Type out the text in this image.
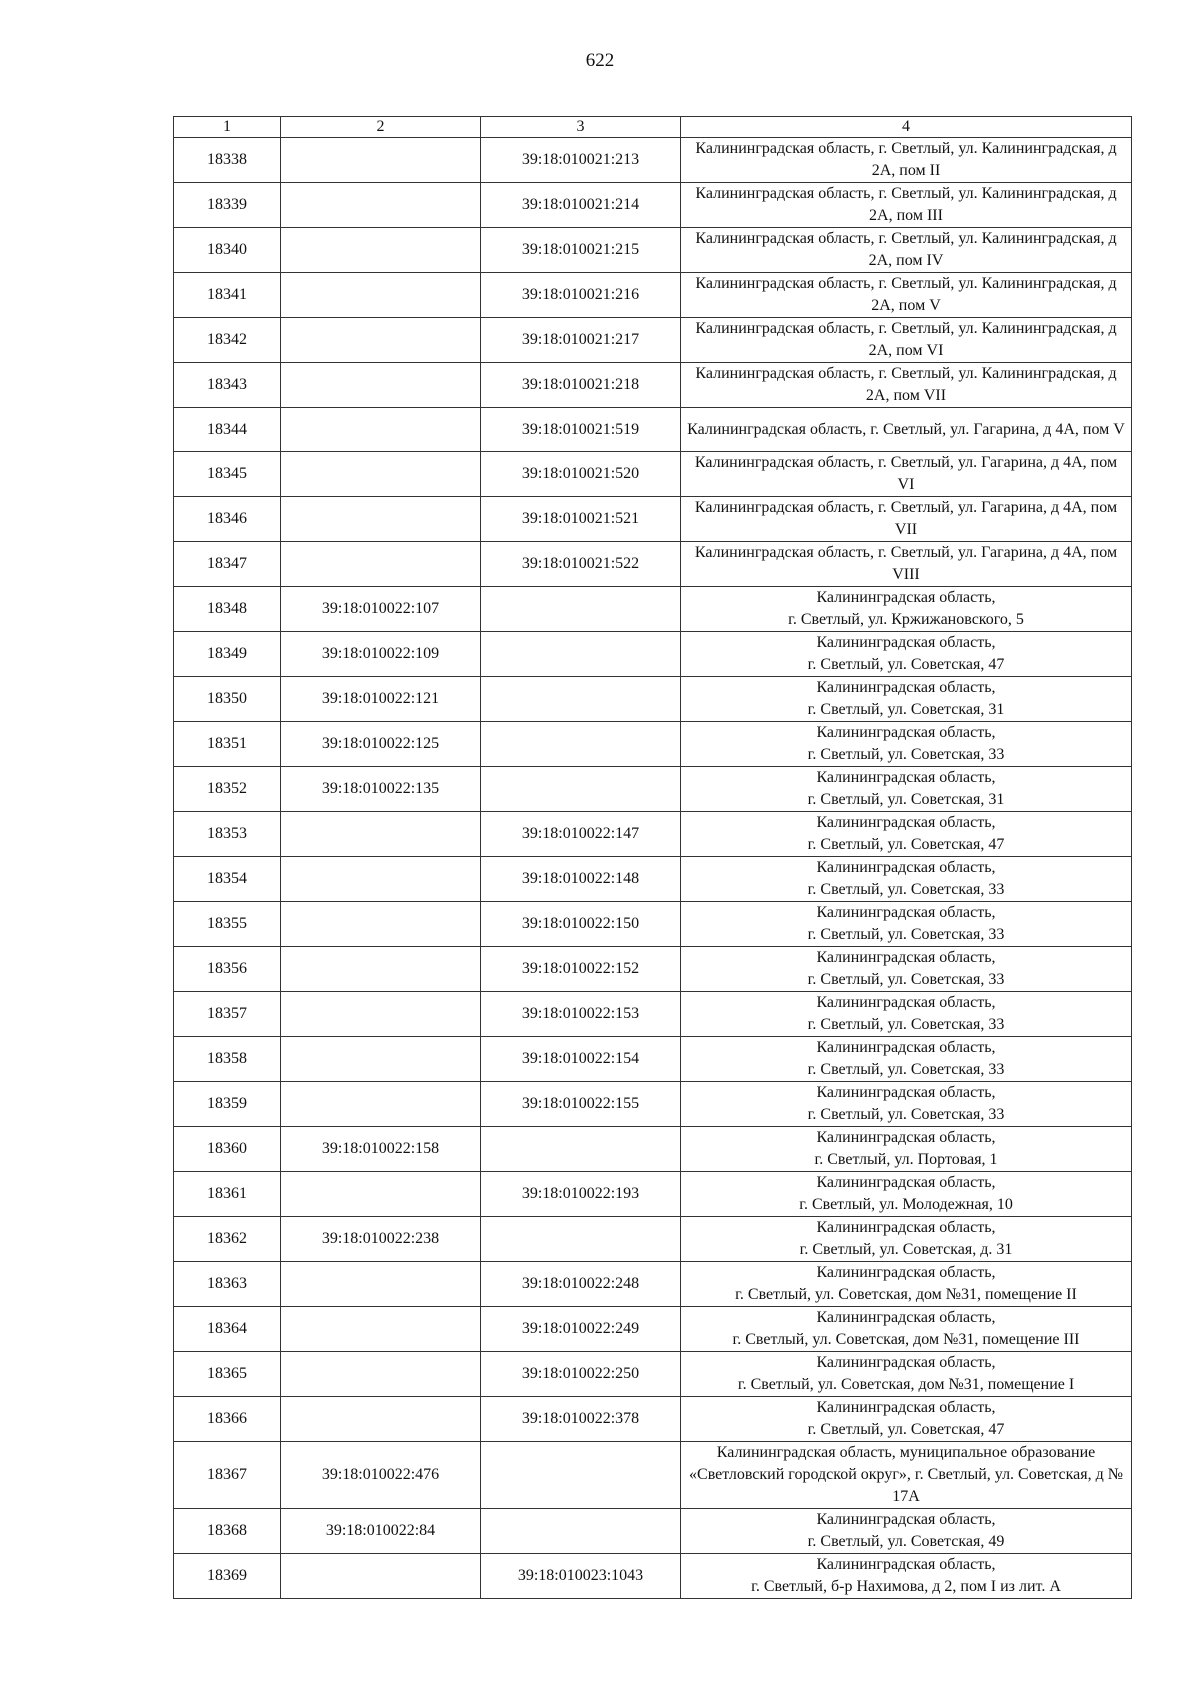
622
1	2	3	4
18338		39:18:010021:213	Калининградская область, г. Светлый, ул. Калининградская, д 2А, пом II
18339		39:18:010021:214	Калининградская область, г. Светлый, ул. Калининградская, д 2А, пом III
18340		39:18:010021:215	Калининградская область, г. Светлый, ул. Калининградская, д 2А, пом IV
18341		39:18:010021:216	Калининградская область, г. Светлый, ул. Калининградская, д 2А, пом V
18342		39:18:010021:217	Калининградская область, г. Светлый, ул. Калининградская, д 2А, пом VI
18343		39:18:010021:218	Калининградская область, г. Светлый, ул. Калининградская, д 2А, пом VII
18344		39:18:010021:519	Калининградская область, г. Светлый, ул. Гагарина, д 4А, пом V
18345		39:18:010021:520	Калининградская область, г. Светлый, ул. Гагарина, д 4А, пом VI
18346		39:18:010021:521	Калининградская область, г. Светлый, ул. Гагарина, д 4А, пом VII
18347		39:18:010021:522	Калининградская область, г. Светлый, ул. Гагарина, д 4А, пом VIII
18348	39:18:010022:107		Калининградская область,
г. Светлый, ул. Кржижановского, 5
18349	39:18:010022:109		Калининградская область,
г. Светлый, ул. Советская, 47
18350	39:18:010022:121		Калининградская область,
г. Светлый, ул. Советская, 31
18351	39:18:010022:125		Калининградская область,
г. Светлый, ул. Советская, 33
18352	39:18:010022:135		Калининградская область,
г. Светлый, ул. Советская, 31
18353		39:18:010022:147	Калининградская область,
г. Светлый, ул. Советская, 47
18354		39:18:010022:148	Калининградская область,
г. Светлый, ул. Советская, 33
18355		39:18:010022:150	Калининградская область,
г. Светлый, ул. Советская, 33
18356		39:18:010022:152	Калининградская область,
г. Светлый, ул. Советская, 33
18357		39:18:010022:153	Калининградская область,
г. Светлый, ул. Советская, 33
18358		39:18:010022:154	Калининградская область,
г. Светлый, ул. Советская, 33
18359		39:18:010022:155	Калининградская область,
г. Светлый, ул. Советская, 33
18360	39:18:010022:158		Калининградская область,
г. Светлый, ул. Портовая, 1
18361		39:18:010022:193	Калининградская область,
г. Светлый, ул. Молодежная, 10
18362	39:18:010022:238		Калининградская область,
г. Светлый, ул. Советская, д. 31
18363		39:18:010022:248	Калининградская область,
г. Светлый, ул. Советская, дом №31, помещение II
18364		39:18:010022:249	Калининградская область,
г. Светлый, ул. Советская, дом №31, помещение III
18365		39:18:010022:250	Калининградская область,
г. Светлый, ул. Советская, дом №31, помещение I
18366		39:18:010022:378	Калининградская область,
г. Светлый, ул. Советская, 47
18367	39:18:010022:476		Калининградская область, муниципальное образование «Светловский городской округ», г. Светлый, ул. Советская, д № 17А
18368	39:18:010022:84		Калининградская область,
г. Светлый, ул. Советская, 49
18369		39:18:010023:1043	Калининградская область,
г. Светлый, б-р Нахимова, д 2, пом I из лит. А
